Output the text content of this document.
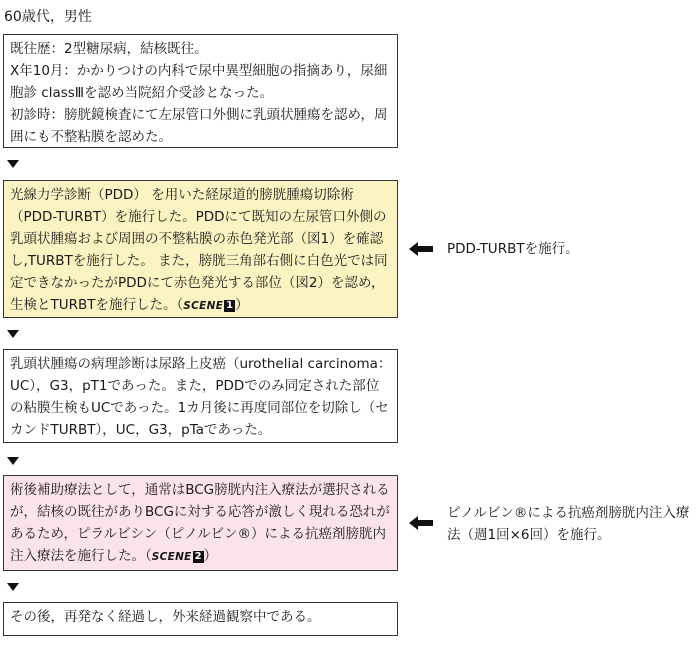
60歳代，男性

既往歴：2型糖尿病，結核既往。

X年10月：かかりつけの内科で尿中異型細胞の指摘あり，尿細胞診 classⅢを認め当院紹介受診となった。

初診時：膀胱鏡検査にて左尿管口外側に乳頭状腫瘍を認め，周囲にも不整粘膜を認めた。

光線力学診断（PDD） を用いた経尿道的膀胱腫瘍切除術（PDD-TURBT）を施行した。PDDにて既知の左尿管口外側の乳頭状腫瘍および周囲の不整粘膜の赤色発光部（図1）を確認し,TURBTを施行した。 また，膀胱三角部右側に白色光では同定できなかったがPDDにて赤色発光する部位（図2）を認め，生検とTURBTを施行した。（SCENE 1 ）

PDD-TURBTを施行。

乳頭状腫瘍の病理診断は尿路上皮癌（urothelial carcinoma：UC），G3，pT1であった。また，PDDでのみ同定された部位の粘膜生検もUCであった。1カ月後に再度同部位を切除し（セカンドTURBT），UC，G3，pTaであった。

術後補助療法として，通常はBCG膀胱内注入療法が選択されるが，結核の既往がありBCGに対する応答が激しく現れる恐れがあるため，ピラルビシン（ピノルビン®）による抗癌剤膀胱内注入療法を施行した。（SCENE 2 ）

ピノルビン®による抗癌剤膀胱内注入療法（週1回×6回）を施行。

その後，再発なく経過し，外来経過観察中である。
